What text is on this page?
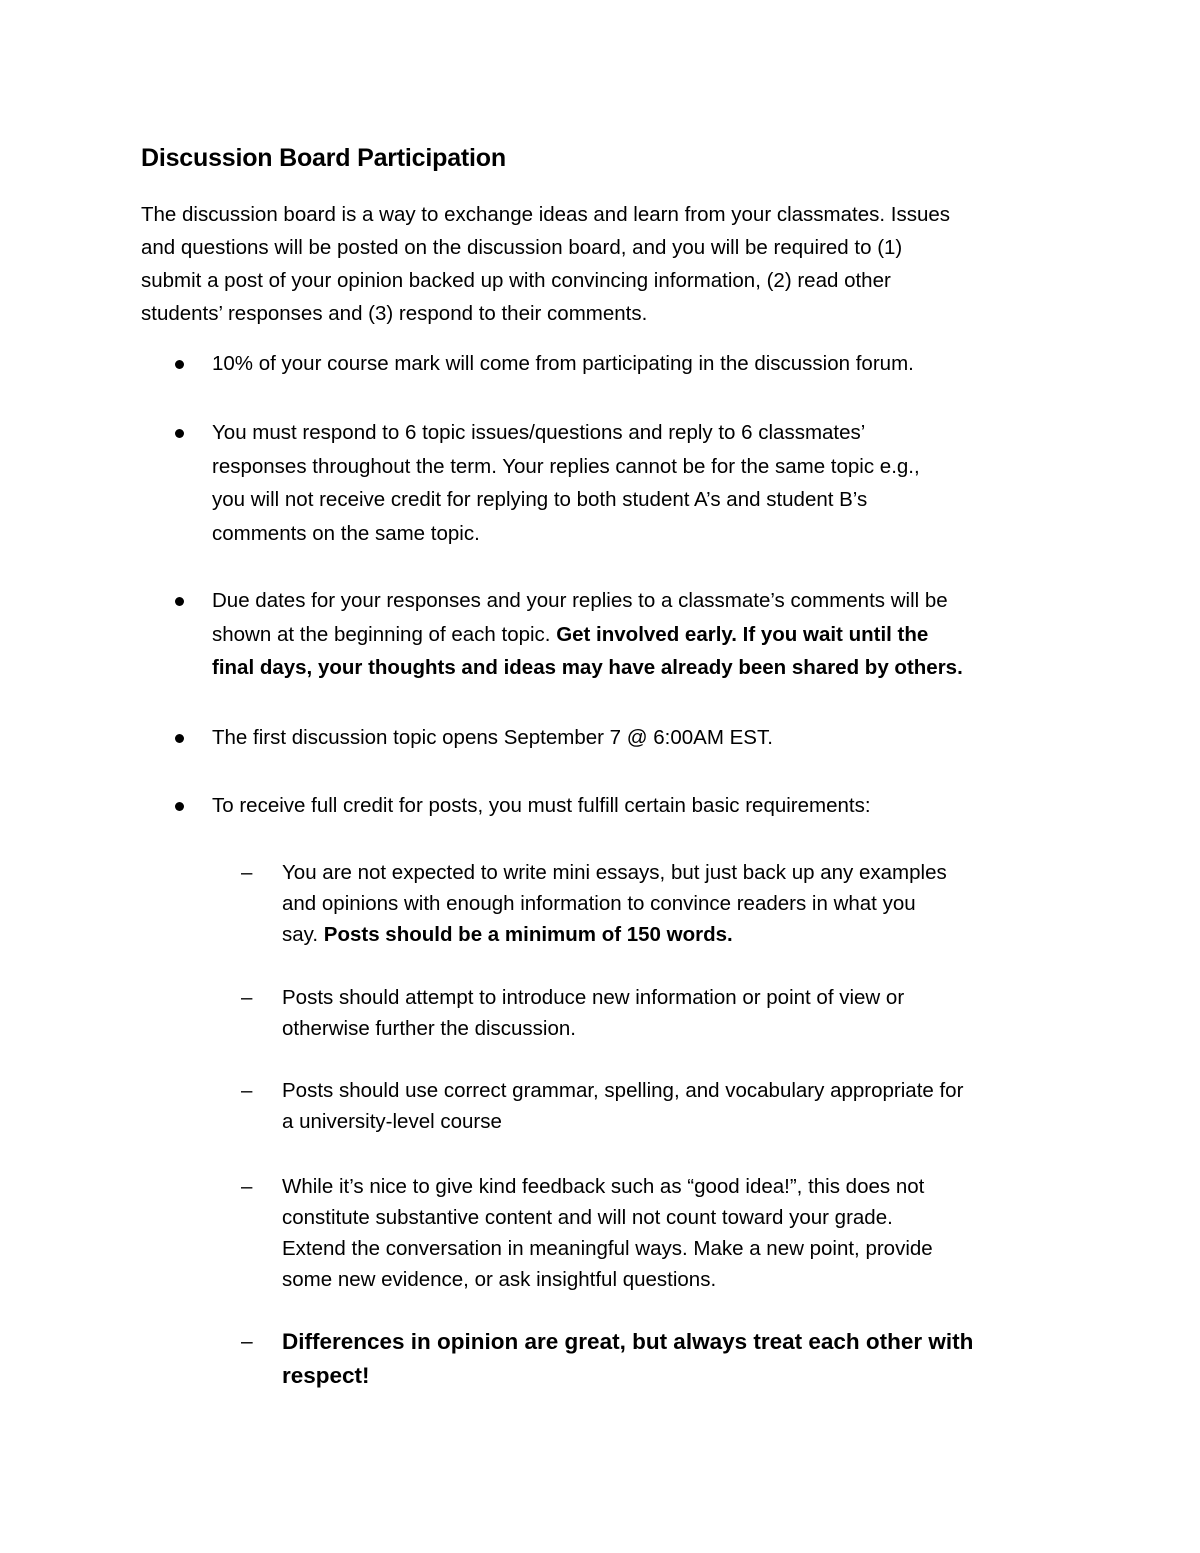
Discussion Board Participation
The discussion board is a way to exchange ideas and learn from your classmates. Issues
and questions will be posted on the discussion board, and you will be required to (1)
submit a post of your opinion backed up with convincing information, (2) read other
students’ responses and (3) respond to their comments.
10% of your course mark will come from participating in the discussion forum.
You must respond to 6 topic issues/questions and reply to 6 classmates’
responses throughout the term. Your replies cannot be for the same topic e.g.,
you will not receive credit for replying to both student A’s and student B’s
comments on the same topic.
Due dates for your responses and your replies to a classmate’s comments will be
shown at the beginning of each topic. Get involved early. If you wait until the
final days, your thoughts and ideas may have already been shared by others.
The first discussion topic opens September 7 @ 6:00AM EST.
To receive full credit for posts, you must fulfill certain basic requirements:
– You are not expected to write mini essays, but just back up any examples
and opinions with enough information to convince readers in what you
say. Posts should be a minimum of 150 words.
– Posts should attempt to introduce new information or point of view or
otherwise further the discussion.
– Posts should use correct grammar, spelling, and vocabulary appropriate for
a university-level course
– While it’s nice to give kind feedback such as “good idea!”, this does not
constitute substantive content and will not count toward your grade.
Extend the conversation in meaningful ways. Make a new point, provide
some new evidence, or ask insightful questions.
– Differences in opinion are great, but always treat each other with
respect!
